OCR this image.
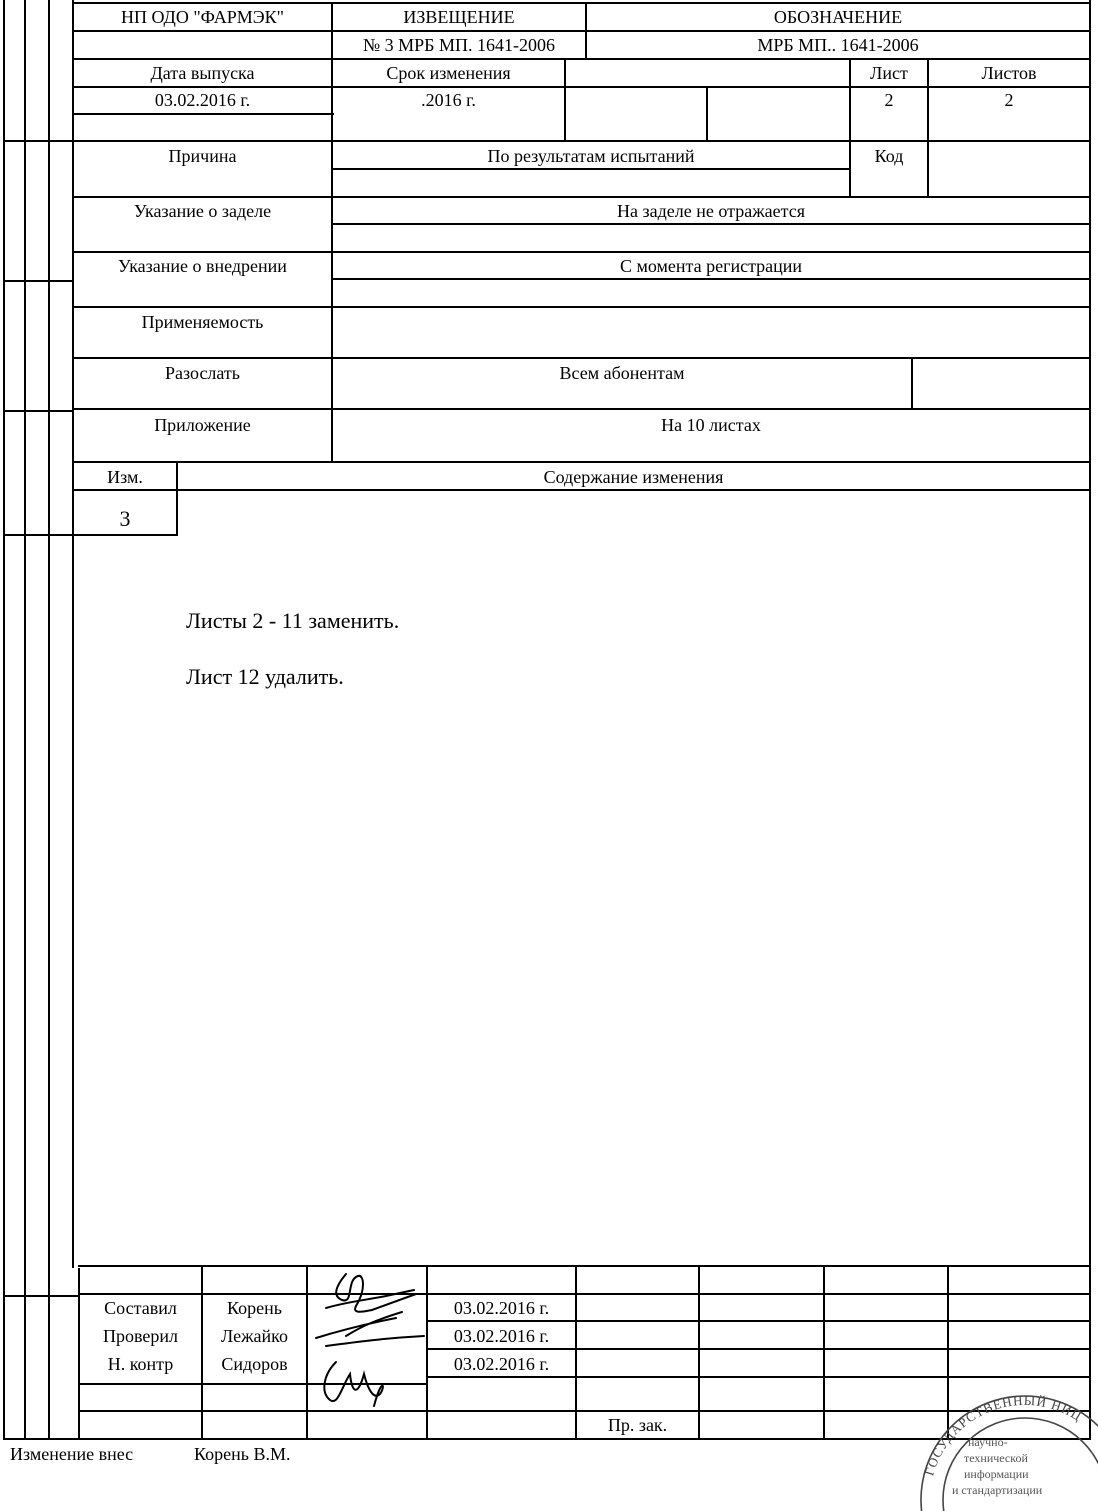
НП ОДО "ФАРМЭК"	ИЗВЕЩЕНИЕ	ОБОЗНАЧЕНИЕ
№ 3 МРБ МП. 1641-2006	МРБ МП.. 1641-2006
Дата выпуска	Срок изменения	Лист	Листов
03.02.2016 г.	.2016 г.	2	2
Причина	По результатам испытаний	Код
Указание о заделе	На заделе не отражается
Указание о внедрении	С момента регистрации
Применяемость
Разослать	Всем абонентам
Приложение	На 10 листах
Изм.	Содержание изменения
3
Листы 2 - 11 заменить.
Лист 12 удалить.
Составил	Корень	03.02.2016 г.
Проверил	Лежайко	03.02.2016 г.
Н. контр	Сидоров	03.02.2016 г.
Пр. зак.
Изменение внес	Корень В.М.
ГОСУДАРСТВЕННЫЙ НИЦ
научно-
технической
информации
и стандартизации
